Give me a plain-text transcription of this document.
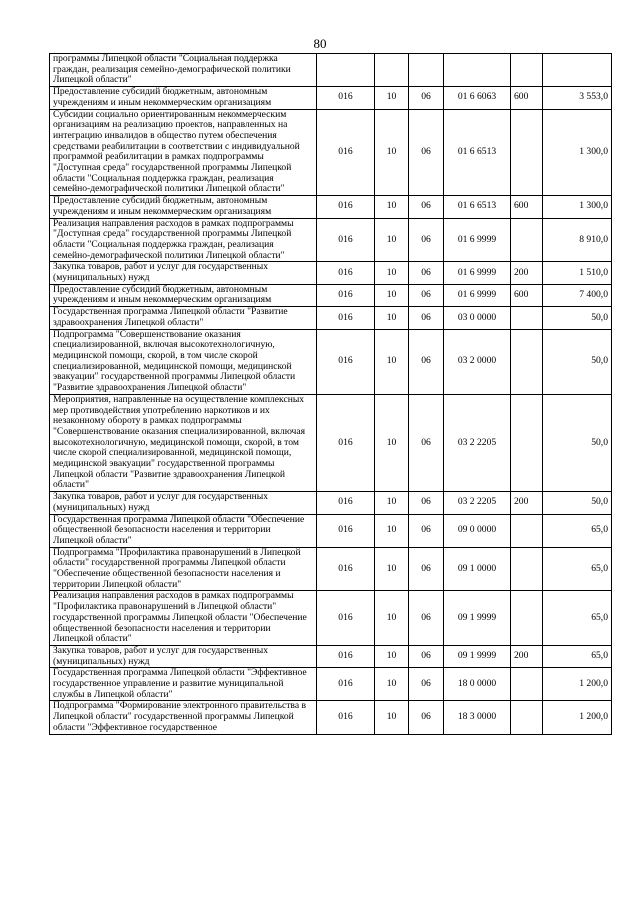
80
программы Липецкой области "Социальная поддержка граждан, реализация семейно-демографической политики Липецкой области"						
Предоставление субсидий бюджетным, автономным учреждениям и иным некоммерческим организациям	016	10	06	01 6 6063	600	3 553,0
Субсидии социально ориентированным некоммерческим организациям на реализацию проектов, направленных на интеграцию инвалидов в общество путем обеспечения средствами реабилитации в соответствии с индивидуальной программой реабилитации в рамках подпрограммы "Доступная среда" государственной программы Липецкой области "Социальная поддержка граждан, реализация семейно-демографической политики Липецкой области"	016	10	06	01 6 6513		1 300,0
Предоставление субсидий бюджетным, автономным учреждениям и иным некоммерческим организациям	016	10	06	01 6 6513	600	1 300,0
Реализация направления расходов в рамках подпрограммы "Доступная среда" государственной программы Липецкой области "Социальная поддержка граждан, реализация семейно-демографической политики Липецкой области"	016	10	06	01 6 9999		8 910,0
Закупка товаров, работ и услуг для государственных (муниципальных) нужд	016	10	06	01 6 9999	200	1 510,0
Предоставление субсидий бюджетным, автономным учреждениям и иным некоммерческим организациям	016	10	06	01 6 9999	600	7 400,0
Государственная программа Липецкой области "Развитие здравоохранения Липецкой области"	016	10	06	03 0 0000		50,0
Подпрограмма "Совершенствование оказания специализированной, включая высокотехнологичную, медицинской помощи, скорой, в том числе скорой специализированной, медицинской помощи, медицинской эвакуации" государственной программы Липецкой области "Развитие здравоохранения Липецкой области"	016	10	06	03 2 0000		50,0
Мероприятия, направленные на осуществление комплексных мер противодействия употреблению наркотиков и их незаконному обороту в рамках подпрограммы "Совершенствование оказания специализированной, включая высокотехнологичную, медицинской помощи, скорой, в том числе скорой специализированной, медицинской помощи, медицинской эвакуации" государственной программы Липецкой области "Развитие здравоохранения Липецкой области"	016	10	06	03 2 2205		50,0
Закупка товаров, работ и услуг для государственных (муниципальных) нужд	016	10	06	03 2 2205	200	50,0
Государственная программа Липецкой области "Обеспечение общественной безопасности населения и территории Липецкой области"	016	10	06	09 0 0000		65,0
Подпрограмма "Профилактика правонарушений в Липецкой области" государственной программы Липецкой области "Обеспечение общественной безопасности населения и территории Липецкой области"	016	10	06	09 1 0000		65,0
Реализация направления расходов в рамках подпрограммы "Профилактика правонарушений в Липецкой области" государственной программы Липецкой области "Обеспечение общественной безопасности населения и территории Липецкой области"	016	10	06	09 1 9999		65,0
Закупка товаров, работ и услуг для государственных (муниципальных) нужд	016	10	06	09 1 9999	200	65,0
Государственная программа Липецкой области "Эффективное государственное управление и развитие муниципальной службы в Липецкой области"	016	10	06	18 0 0000		1 200,0
Подпрограмма "Формирование электронного правительства в Липецкой области" государственной программы Липецкой области "Эффективное государственное	016	10	06	18 3 0000		1 200,0
